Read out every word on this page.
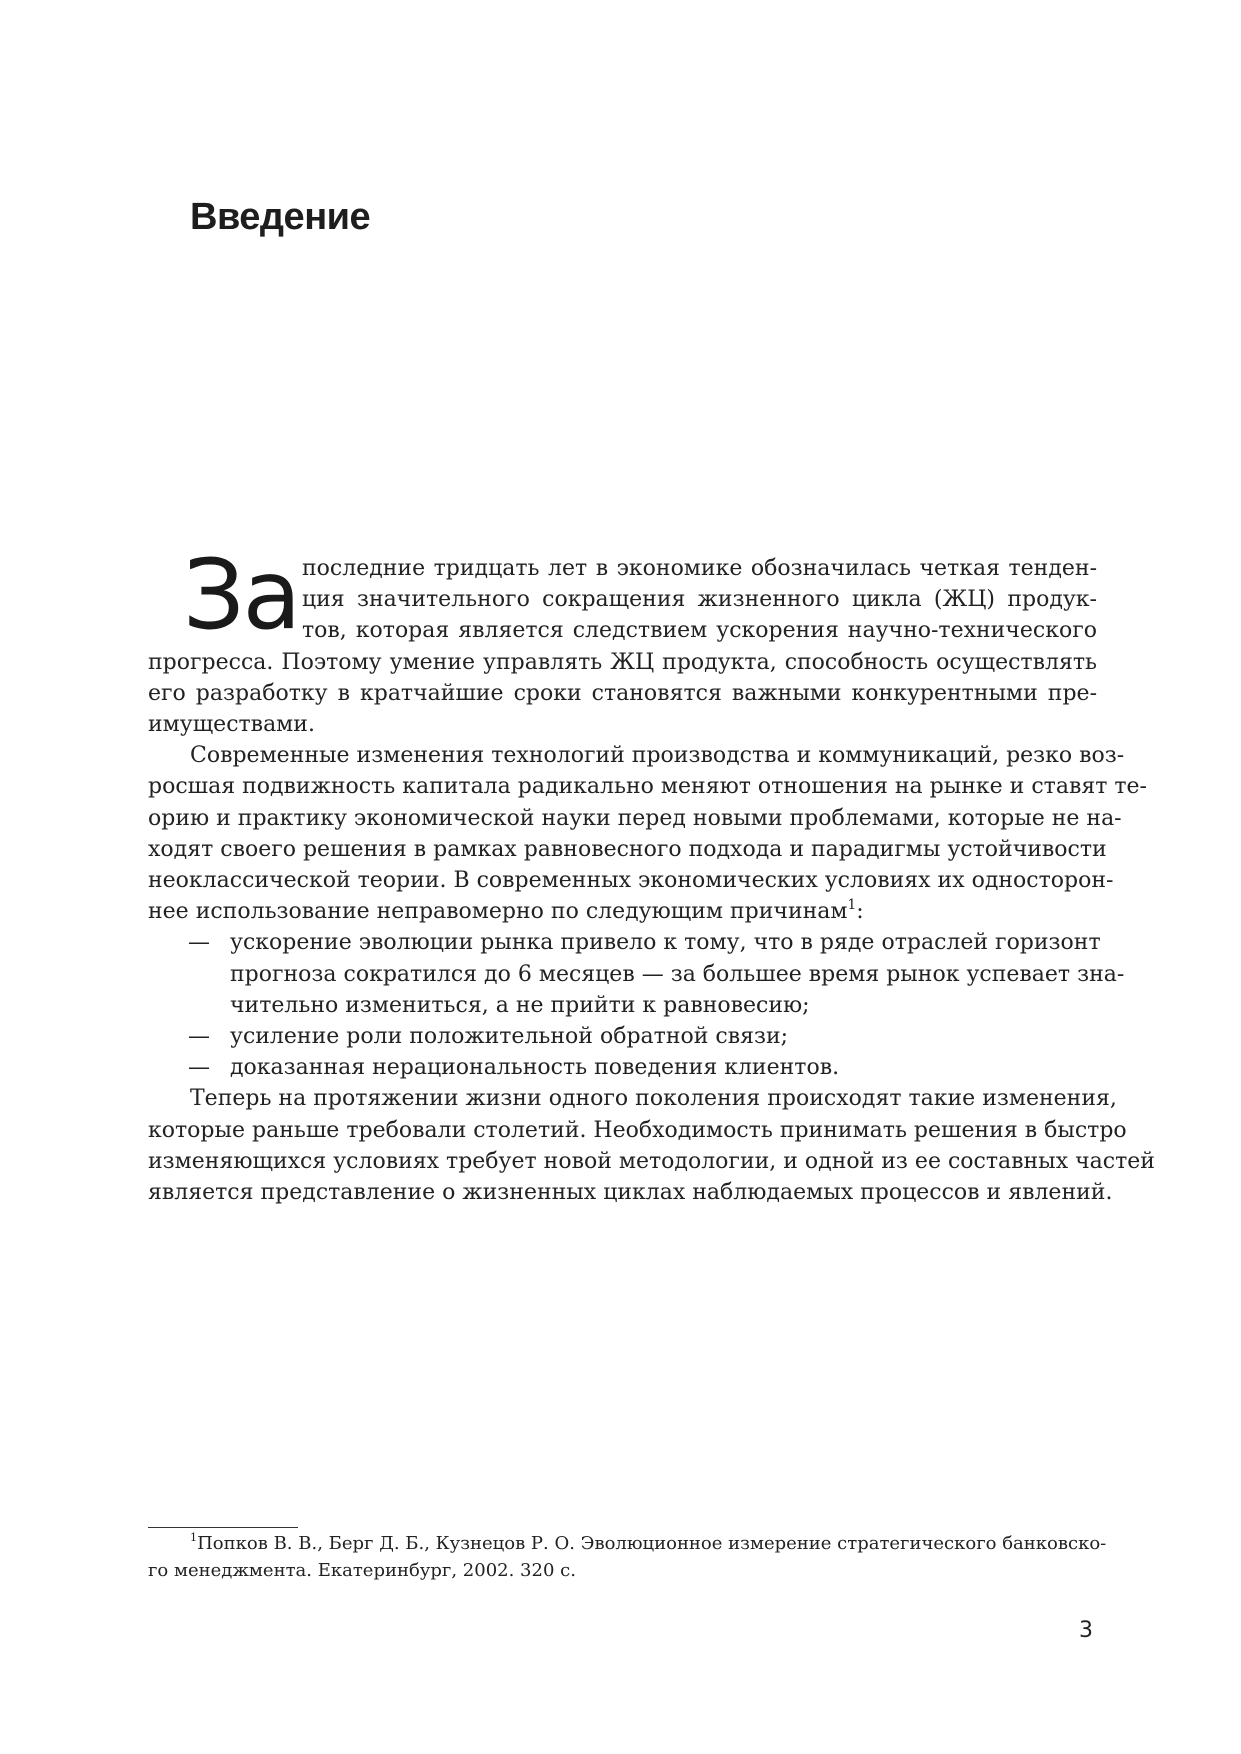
Введение
За последние тридцать лет в экономике обозначилась четкая тенден-
ция значительного сокращения жизненного цикла (ЖЦ) продук-
тов, которая является следствием ускорения научно-технического
прогресса. Поэтому умение управлять ЖЦ продукта, способность осуществлять
его разработку в кратчайшие сроки становятся важными конкурентными пре-
имуществами.
Современные изменения технологий производства и коммуникаций, резко воз-
росшая подвижность капитала радикально меняют отношения на рынке и ставят те-
орию и практику экономической науки перед новыми проблемами, которые не на-
ходят своего решения в рамках равновесного подхода и парадигмы устойчивости
неоклассической теории. В современных экономических условиях их односторон-
нее использование неправомерно по следующим причинам$^1$:
— ускорение эволюции рынка привело к тому, что в ряде отраслей горизонт
прогноза сократился до 6 месяцев — за большее время рынок успевает зна-
чительно измениться, а не прийти к равновесию;
— усиление роли положительной обратной связи;
— доказанная нерациональность поведения клиентов.
Теперь на протяжении жизни одного поколения происходят такие изменения,
которые раньше требовали столетий. Необходимость принимать решения в быстро
изменяющихся условиях требует новой методологии, и одной из ее составных частей
является представление о жизненных циклах наблюдаемых процессов и явлений.
$^1$Попков В. В., Берг Д. Б., Кузнецов Р. О. Эволюционное измерение стратегического банковско-
го менеджмента. Екатеринбург, 2002. 320 с.
3
